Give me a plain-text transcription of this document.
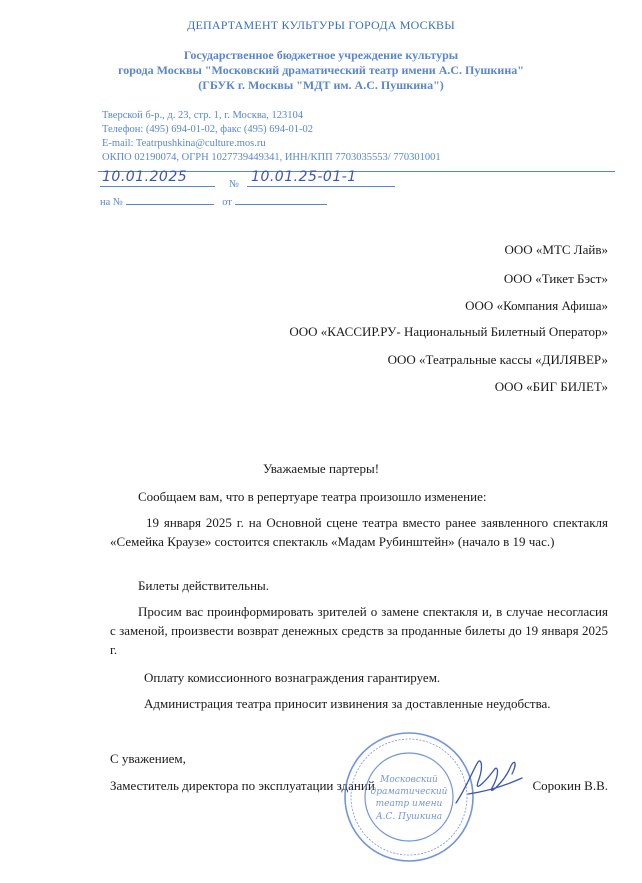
ДЕПАРТАМЕНТ КУЛЬТУРЫ ГОРОДА МОСКВЫ
Государственное бюджетное учреждение культуры
города Москвы "Московский драматический театр имени А.С. Пушкина"
(ГБУК г. Москвы "МДТ им. А.С. Пушкина")
Тверской б-р., д. 23, стр. 1, г. Москва, 123104
Телефон: (495) 694-01-02, факс (495) 694-01-02
E-mail: Teatrpushkina@culture.mos.ru
ОКПО 02190074, ОГРН 1027739449341, ИНН/КПП 7703035553/ 770301001
10.01.2025	№ 10.01.25-01-1
на №	от
ООО «МТС Лайв»
ООО «Тикет Бэст»
ООО «Компания Афиша»
ООО «КАССИР.РУ- Национальный Билетный Оператор»
ООО «Театральные кассы «ДИЛЯВЕР»
ООО «БИГ БИЛЕТ»
Уважаемые партеры!
Сообщаем вам, что в репертуаре театра произошло изменение:
19 января 2025 г. на Основной сцене театра вместо ранее заявленного спектакля «Семейка Краузе» состоится спектакль «Мадам Рубинштейн» (начало в 19 час.)
Билеты действительны.
Просим вас проинформировать зрителей о замене спектакля и, в случае несогласия с заменой, произвести возврат денежных средств за проданные билеты до 19 января 2025 г.
Оплату комиссионного вознаграждения гарантируем.
Администрация театра приносит извинения за доставленные неудобства.
С уважением,
Заместитель директора по эксплуатации зданий	Сорокин В.В.
Московский
драматический
театр имени
А.С. Пушкина
